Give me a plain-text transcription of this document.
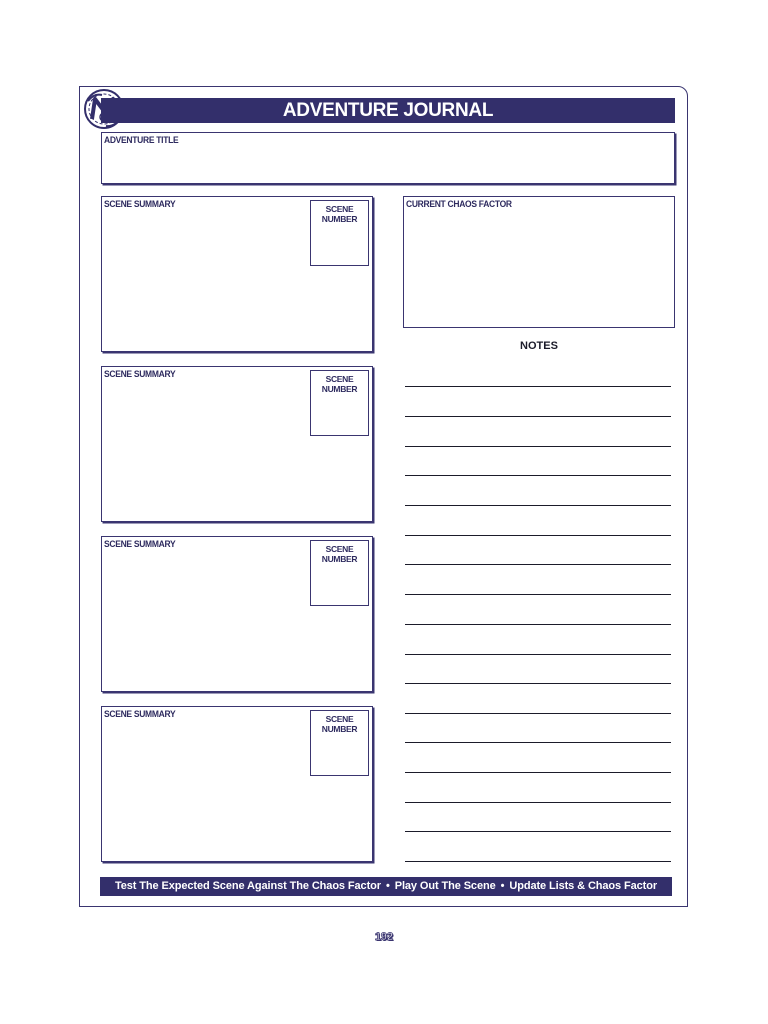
ADVENTURE JOURNAL
ADVENTURE TITLE
SCENE SUMMARY	SCENE
NUMBER
SCENE SUMMARY	SCENE
NUMBER
SCENE SUMMARY	SCENE
NUMBER
SCENE SUMMARY	SCENE
NUMBER
CURRENT CHAOS FACTOR
NOTES
Test The Expected Scene Against The Chaos Factor • Play Out The Scene • Update Lists & Chaos Factor
192
